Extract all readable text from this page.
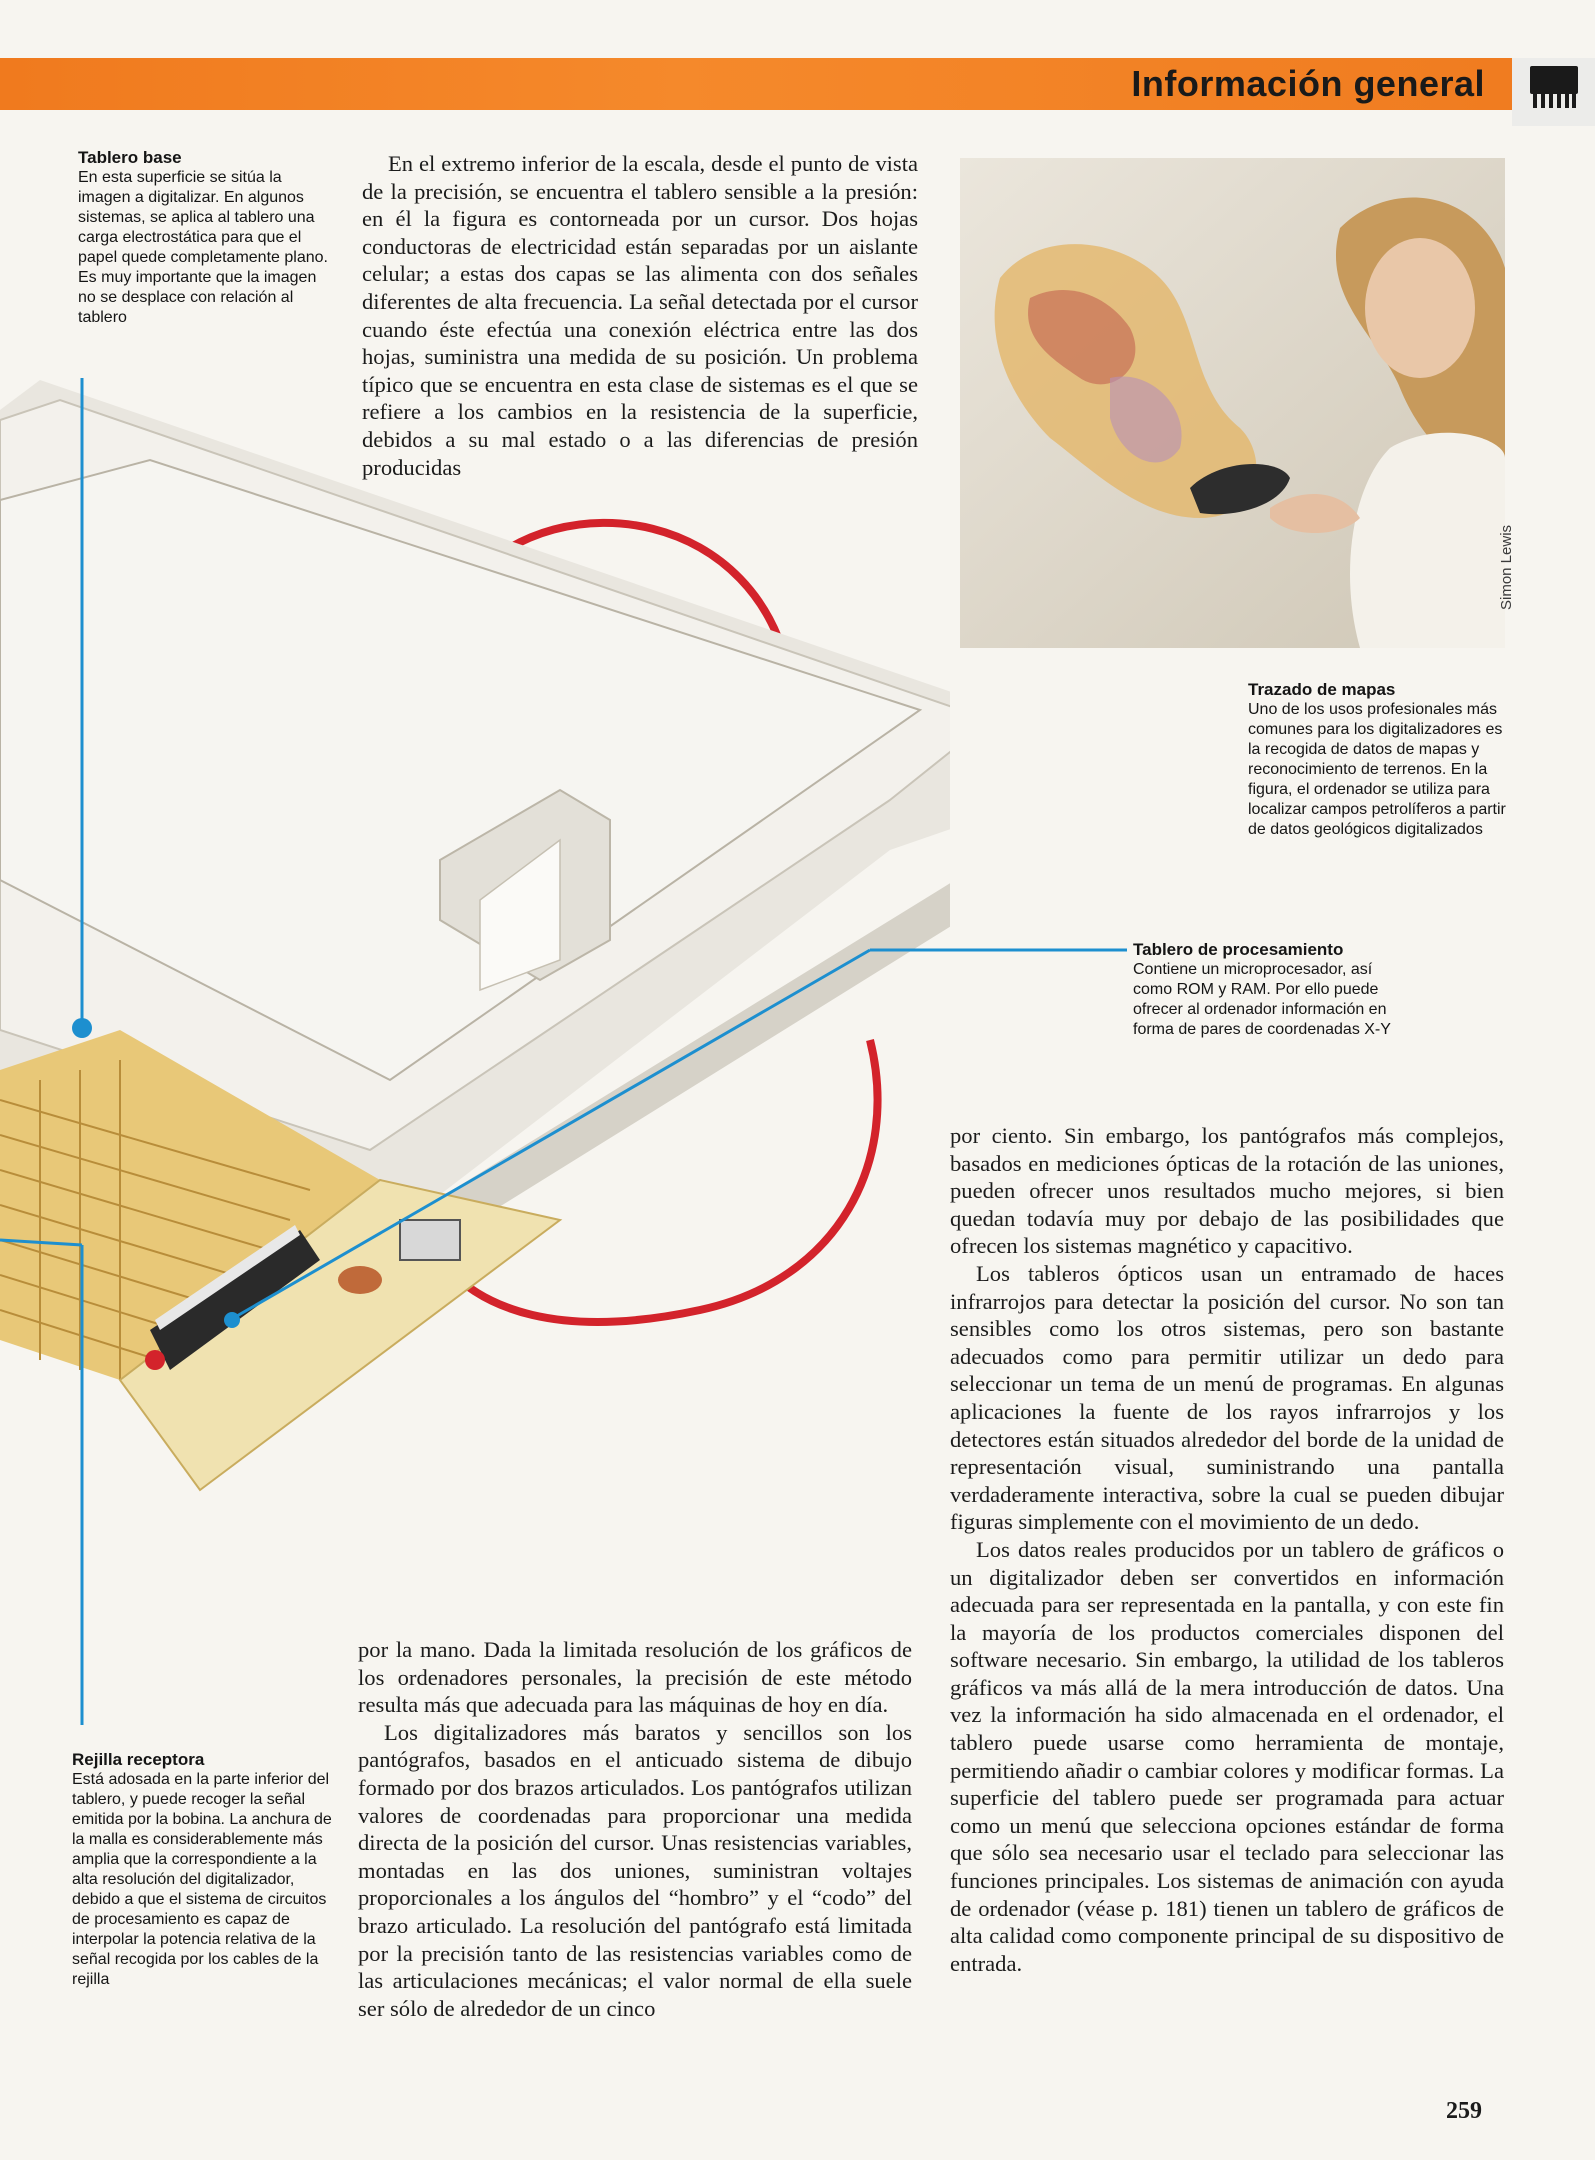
Información general
Simon Lewis
Tablero base
En esta superficie se sitúa la imagen a digitalizar. En algunos sistemas, se aplica al tablero una carga electrostática para que el papel quede completamente plano. Es muy importante que la imagen no se desplace con relación al tablero
Trazado de mapas
Uno de los usos profesionales más comunes para los digitalizadores es la recogida de datos de mapas y reconocimiento de terrenos. En la figura, el ordenador se utiliza para localizar campos petrolíferos a partir de datos geológicos digitalizados
Tablero de procesamiento
Contiene un microprocesador, así como ROM y RAM. Por ello puede ofrecer al ordenador información en forma de pares de coordenadas X-Y
Rejilla receptora
Está adosada en la parte inferior del tablero, y puede recoger la señal emitida por la bobina. La anchura de la malla es considerablemente más amplia que la correspondiente a la alta resolución del digitalizador, debido a que el sistema de circuitos de procesamiento es capaz de interpolar la potencia relativa de la señal recogida por los cables de la rejilla

En el extremo inferior de la escala, desde el punto de vista de la precisión, se encuentra el tablero sensible a la presión: en él la figura es contorneada por un cursor. Dos hojas conductoras de electricidad están separadas por un aislante celular; a estas dos capas se las alimenta con dos señales diferentes de alta frecuencia. La señal detectada por el cursor cuando éste efectúa una conexión eléctrica entre las dos hojas, suministra una medida de su posición. Un problema típico que se encuentra en esta clase de sistemas es el que se refiere a los cambios en la resistencia de la superficie, debidos a su mal estado o a las diferencias de presión producidas

por la mano. Dada la limitada resolución de los gráficos de los ordenadores personales, la precisión de este método resulta más que adecuada para las máquinas de hoy en día.

Los digitalizadores más baratos y sencillos son los pantógrafos, basados en el anticuado sistema de dibujo formado por dos brazos articulados. Los pantógrafos utilizan valores de coordenadas para proporcionar una medida directa de la posición del cursor. Unas resistencias variables, montadas en las dos uniones, suministran voltajes proporcionales a los ángulos del “hombro” y el “codo” del brazo articulado. La resolución del pantógrafo está limitada por la precisión tanto de las resistencias variables como de las articulaciones mecánicas; el valor normal de ella suele ser sólo de alrededor de un cinco

por ciento. Sin embargo, los pantógrafos más complejos, basados en mediciones ópticas de la rotación de las uniones, pueden ofrecer unos resultados mucho mejores, si bien quedan todavía muy por debajo de las posibilidades que ofrecen los sistemas magnético y capacitivo.

Los tableros ópticos usan un entramado de haces infrarrojos para detectar la posición del cursor. No son tan sensibles como los otros sistemas, pero son bastante adecuados como para permitir utilizar un dedo para seleccionar un tema de un menú de programas. En algunas aplicaciones la fuente de los rayos infrarrojos y los detectores están situados alrededor del borde de la unidad de representación visual, suministrando una pantalla verdaderamente interactiva, sobre la cual se pueden dibujar figuras simplemente con el movimiento de un dedo.

Los datos reales producidos por un tablero de gráficos o un digitalizador deben ser convertidos en información adecuada para ser representada en la pantalla, y con este fin la mayoría de los productos comerciales disponen del software necesario. Sin embargo, la utilidad de los tableros gráficos va más allá de la mera introducción de datos. Una vez la información ha sido almacenada en el ordenador, el tablero puede usarse como herramienta de montaje, permitiendo añadir o cambiar colores y modificar formas. La superficie del tablero puede ser programada para actuar como un menú que selecciona opciones estándar de forma que sólo sea necesario usar el teclado para seleccionar las funciones principales. Los sistemas de animación con ayuda de ordenador (véase p. 181) tienen un tablero de gráficos de alta calidad como componente principal de su dispositivo de entrada.

259
